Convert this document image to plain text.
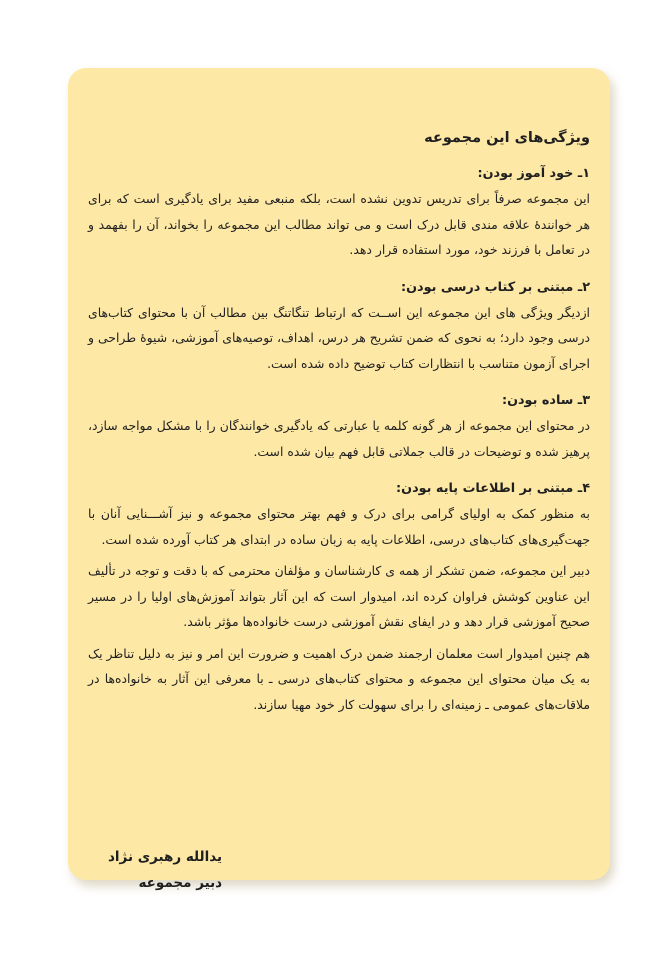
ویژگی‌های این مجموعه
۱ـ خود آموز بودن:

این مجموعه صرفاً برای تدریس تدوین نشده است، بلکه منبعی مفید برای یادگیری است که برای هر خوانندهٔ علاقه مندی قابل درک است و می تواند مطالب این مجموعه را بخواند، آن را بفهمد و در تعامل با فرزند خود، مورد استفاده قرار دهد.

۲ـ مبتنی بر کتاب درسی بودن:

ازدیگر ویژگی های این مجموعه این اســت که ارتباط تنگاتنگ بین مطالب آن با محتوای کتاب‌های درسی وجود دارد؛ به نحوی که ضمن تشریح هر درس، اهداف، توصیه‌های آموزشی، شیوهٔ طراحی و اجرای آزمون متناسب با انتظارات کتاب توضیح داده شده است.

۳ـ ساده بودن:

در محتوای این مجموعه از هر گونه کلمه یا عبارتی که یادگیری خوانندگان را با مشکل مواجه سازد، پرهیز شده و توضیحات در قالب جملاتی قابل فهم بیان شده است.

۴ـ مبتنی بر اطلاعات پایه بودن:

به منظور کمک به اولیای گرامی برای درک و فهم بهتر محتوای مجموعه و نیز آشـــنایی آنان با جهت‌گیری‌های کتاب‌های درسی، اطلاعات پایه به زبان ساده در ابتدای هر کتاب آورده شده است.

دبیر این مجموعه، ضمن تشکر از همه ی کارشناسان و مؤلفان محترمی که با دقت و توجه در تألیف این عناوین کوشش فراوان کرده اند، امیدوار است که این آثار بتواند آموزش‌های اولیا را در مسیر صحیح آموزشی قرار دهد و در ایفای نقش آموزشی درست خانواده‌ها مؤثر باشد.

هم چنین امیدوار است معلمان ارجمند ضمن درک اهمیت و ضرورت این امر و نیز به دلیل تناظر یک به یک میان محتوای این مجموعه و محتوای کتاب‌های درسی ـ با معرفی این آثار به خانواده‌ها در ملاقات‌های عمومی ـ زمینه‌ای را برای سهولت کار خود مهیا سازند.

یدالله رهبری نژاد
دبیر مجموعه
